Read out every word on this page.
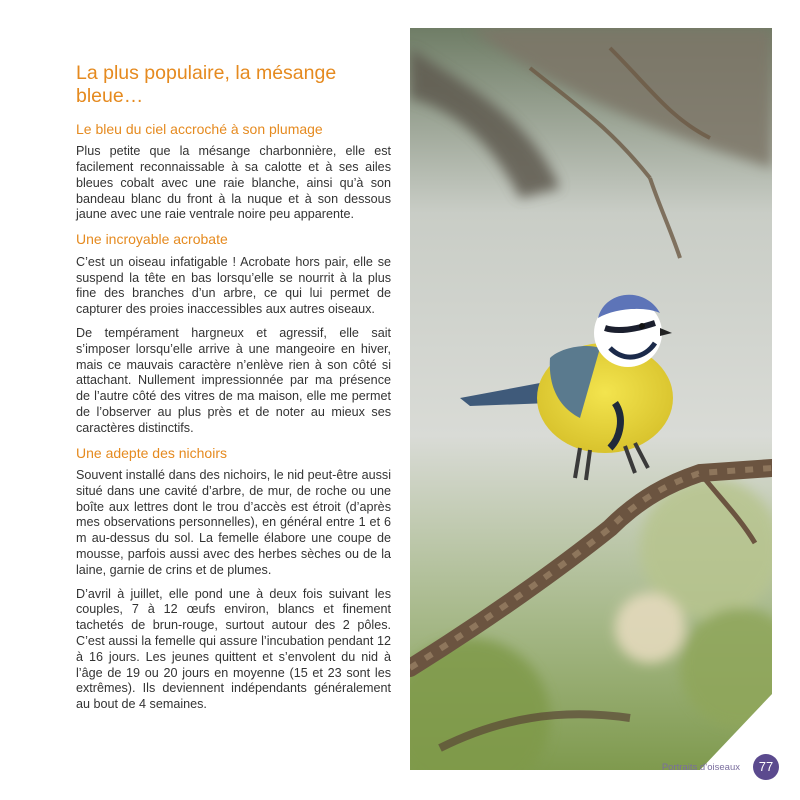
La plus populaire, la mésange bleue…
Le bleu du ciel accroché à son plumage

Plus petite que la mésange charbonnière, elle est facilement reconnaissable à sa calotte et à ses ailes bleues cobalt avec une raie blanche, ainsi qu’à son bandeau blanc du front à la nuque et à son dessous jaune avec une raie ventrale noire peu apparente.

Une incroyable acrobate

C’est un oiseau infatigable ! Acrobate hors pair, elle se suspend la tête en bas lorsqu’elle se nourrit à la plus fine des branches d’un arbre, ce qui lui permet de capturer des proies inaccessibles aux autres oiseaux.

De tempérament hargneux et agressif, elle sait s’imposer lorsqu’elle arrive à une mangeoire en hiver, mais ce mauvais caractère n’enlève rien à son côté si attachant. Nullement impressionnée par ma présence de l’autre côté des vitres de ma maison, elle me permet de l’observer au plus près et de noter au mieux ses caractères distinctifs.

Une adepte des nichoirs

Souvent installé dans des nichoirs, le nid peut-être aussi situé dans une cavité d’arbre, de mur, de roche ou une boîte aux lettres dont le trou d’accès est étroit (d’après mes observations personnelles), en général entre 1 et 6 m au-dessus du sol. La femelle élabore une coupe de mousse, parfois aussi avec des herbes sèches ou de la laine, garnie de crins et de plumes.

D’avril à juillet, elle pond une à deux fois suivant les couples, 7 à 12 œufs environ, blancs et finement tachetés de brun-rouge, surtout autour des 2 pôles. C’est aussi la femelle qui assure l’incubation pendant 12 à 16 jours. Les jeunes quittent et s’envolent du nid à l’âge de 19 ou 20 jours en moyenne (15 et 23 sont les extrêmes). Ils deviennent indépendants généralement au bout de 4 semaines.

Portraits d’oiseaux	77
